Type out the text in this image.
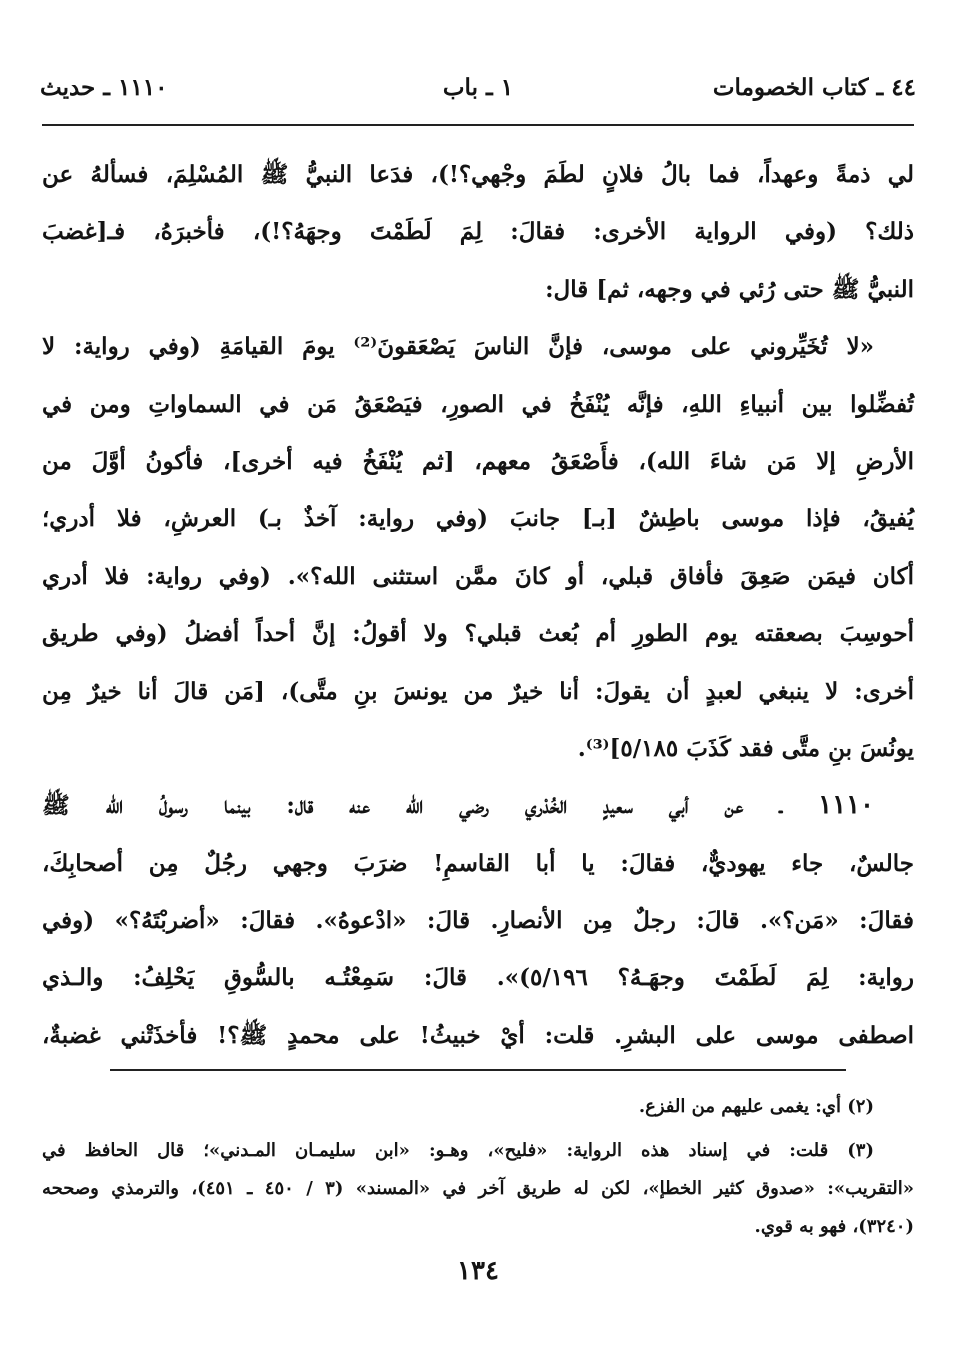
٤٤ ـ كتاب الخصومات
١ ـ باب
١١١٠ ـ حديث
لي ذمةً وعهداً، فما بالُ فلانٍ لطَمَ وجْهي؟!)، فدَعا النبيُّ ﷺ المُسْلِمَ، فسألهُ عن
ذلك؟ (وفي الرواية الأخرى: فقالَ: لِمَ لَطَمْتَ وجهَهُ؟!)، فأخبرَهُ، فـ[غضبَ
النبيُّ ﷺ حتى رُئي في وجهه، ثم] قال:
«لا تُخَيِّروني على موسى، فإنَّ الناسَ يَصْعَقونَ⁽²⁾ يومَ القيامَةِ (وفي رواية: لا
تُفضِّلوا بين أنبياءِ اللهِ، فإنَّه يُنْفَخُ في الصورِ، فيَصْعَقُ مَن في السماواتِ ومن في
الأرضِ إلا مَن شاءَ الله)، فأَصْعَقُ معهم، [ثم يُنْفَخُ فيه أخرى]، فأكونُ أوَّلَ من
يُفيقُ، فإذا موسى باطِشٌ [بـ] جانبَ (وفي رواية: آخذٌ بـ) العرشِ، فلا أدري؛
أكان فيمَن صَعِقَ فأفاق قبلي، أو كانَ ممَّن استثنى الله؟». (وفي رواية: فلا أدري
أحوسِبَ بصعقته يوم الطورِ أم بُعث قبلي؟ ولا أقولُ: إنَّ أحداً أفضلُ (وفي طريق
أخرى: لا ينبغي لعبدٍ أن يقولَ: أنا خيرٌ من يونسَ بنِ متَّى)، [مَن قالَ أنا خيرٌ مِن
يونُسَ بنِ متَّى فقد كَذَبَ ٥/١٨٥]⁽³⁾.
١١١٠ ـ عن أبي سعيدٍ الخُدْري رضي الله عنه قال: بينما رسولُ الله ﷺ
جالسٌ، جاء يهوديٌّ، فقالَ: يا أبا القاسمِ! ضرَبَ وجهي رجُلٌ مِن أصحابِكَ،
فقالَ: «مَن؟». قالَ: رجلٌ مِن الأنصارِ. قالَ: «ادْعوهُ». فقالَ: «أضربْتَهُ؟» (وفي
رواية: لِمَ لَطَمْتَ وجهَـهُ؟ ٥/١٩٦)». قالَ: سَمِعْتُـه بالسُّوقِ يَحْلِفُ: والـذي
اصطفى موسى على البشرِ. قلت: أيْ خبيثُ! على محمدٍ ﷺ؟! فأخذَتْني غضبةٌ،
(٢) أي: يغمى عليهم من الفزع.
(٣) قلت: في إسناد هذه الرواية: «فليح»، وهـو: «ابن سليمـان المـدني»؛ قال الحافظ في
«التقريب»: «صدوق كثير الخطإ»، لكن له طريق آخر في «المسند» (٣ / ٤٥٠ ـ ٤٥١)، والترمذي وصححه
(٣٢٤٠)، فهو به قوي.
١٣٤
